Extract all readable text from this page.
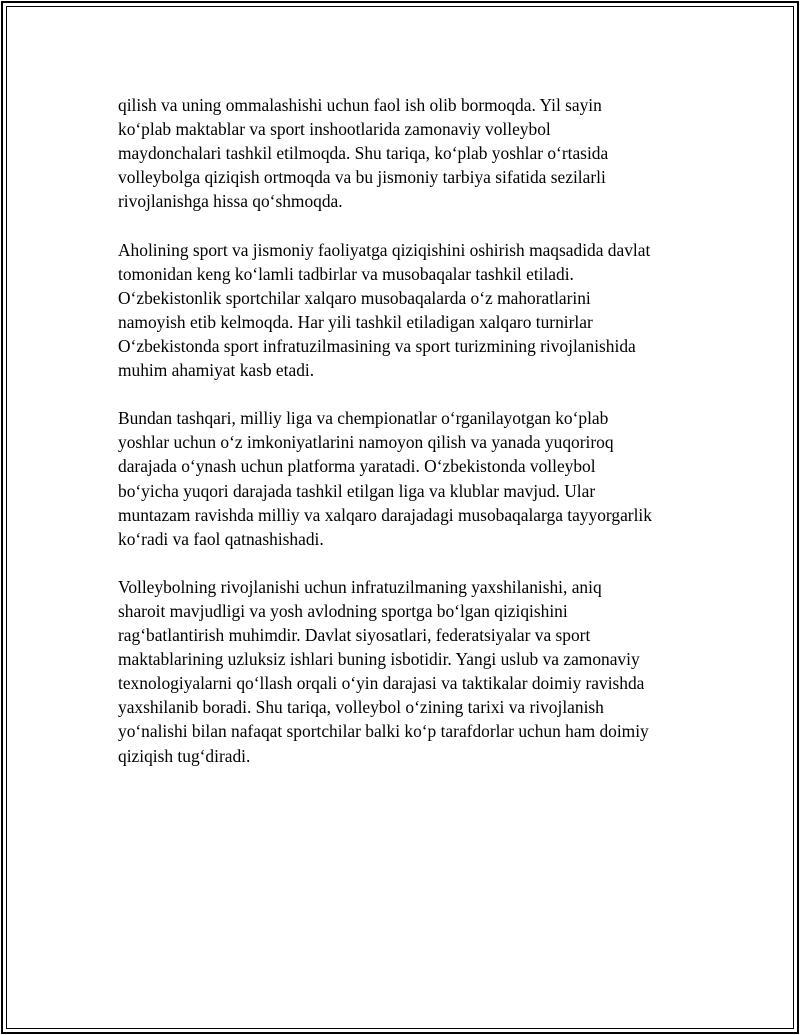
qilish va uning ommalashishi uchun faol ish olib bormoqda. Yil sayin
ko‘plab maktablar va sport inshootlarida zamonaviy volleybol
maydonchalari tashkil etilmoqda. Shu tariqa, ko‘plab yoshlar o‘rtasida
volleybolga qiziqish ortmoqda va bu jismoniy tarbiya sifatida sezilarli
rivojlanishga hissa qo‘shmoqda.

Aholining sport va jismoniy faoliyatga qiziqishini oshirish maqsadida davlat
tomonidan keng ko‘lamli tadbirlar va musobaqalar tashkil etiladi.
O‘zbekistonlik sportchilar xalqaro musobaqalarda o‘z mahoratlarini
namoyish etib kelmoqda. Har yili tashkil etiladigan xalqaro turnirlar
O‘zbekistonda sport infratuzilmasining va sport turizmining rivojlanishida
muhim ahamiyat kasb etadi.

Bundan tashqari, milliy liga va chempionatlar o‘rganilayotgan ko‘plab
yoshlar uchun o‘z imkoniyatlarini namoyon qilish va yanada yuqoriroq
darajada o‘ynash uchun platforma yaratadi. O‘zbekistonda volleybol
bo‘yicha yuqori darajada tashkil etilgan liga va klublar mavjud. Ular
muntazam ravishda milliy va xalqaro darajadagi musobaqalarga tayyorgarlik
ko‘radi va faol qatnashishadi.

Volleybolning rivojlanishi uchun infratuzilmaning yaxshilanishi, aniq
sharoit mavjudligi va yosh avlodning sportga bo‘lgan qiziqishini
rag‘batlantirish muhimdir. Davlat siyosatlari, federatsiyalar va sport
maktablarining uzluksiz ishlari buning isbotidir. Yangi uslub va zamonaviy
texnologiyalarni qo‘llash orqali o‘yin darajasi va taktikalar doimiy ravishda
yaxshilanib boradi. Shu tariqa, volleybol o‘zining tarixi va rivojlanish
yo‘nalishi bilan nafaqat sportchilar balki ko‘p tarafdorlar uchun ham doimiy
qiziqish tug‘diradi.
